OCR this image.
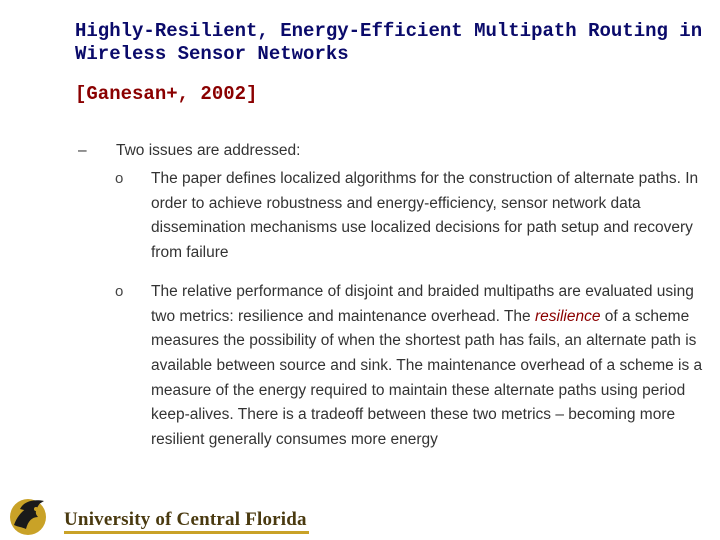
Highly-Resilient, Energy-Efficient Multipath Routing in Wireless Sensor Networks
[Ganesan+, 2002]
– Two issues are addressed:
o The paper defines localized algorithms for the construction of alternate paths. In order to achieve robustness and energy-efficiency, sensor network data dissemination mechanisms use localized decisions for path setup and recovery from failure
o The relative performance of disjoint and braided multipaths are evaluated using two metrics: resilience and maintenance overhead. The resilience of a scheme measures the possibility of when the shortest path has fails, an alternate path is available between source and sink. The maintenance overhead of a scheme is a measure of the energy required to maintain these alternate paths using period keep-alives. There is a tradeoff between these two metrics – becoming more resilient generally consumes more energy
University of Central Florida
